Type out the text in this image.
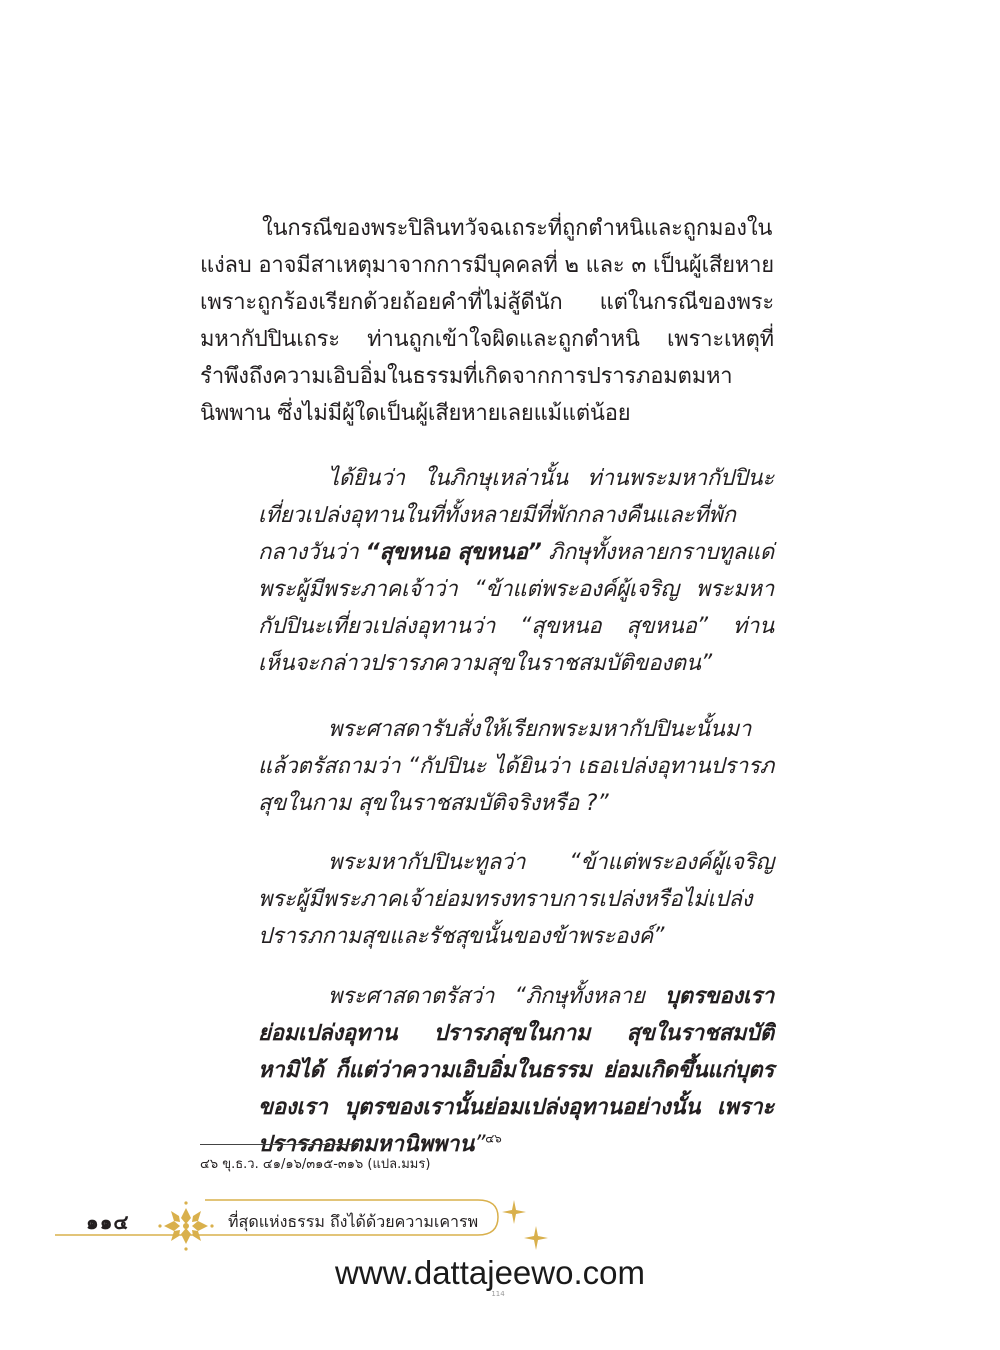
ในกรณีของพระปิลินทวัจฉเถระที่ถูกตำหนิและถูกมองในแง่ลบ อาจมีสาเหตุมาจากการมีบุคคลที่ ๒ และ ๓ เป็นผู้เสียหาย เพราะถูกร้องเรียกด้วยถ้อยคำที่ไม่สู้ดีนัก แต่ในกรณีของพระมหากัปปินเถระ ท่านถูกเข้าใจผิดและถูกตำหนิ เพราะเหตุที่รำพึงถึงความเอิบอิ่มในธรรมที่เกิดจากการปรารภอมตมหานิพพาน ซึ่งไม่มีผู้ใดเป็นผู้เสียหายเลยแม้แต่น้อย

ได้ยินว่า ในภิกษุเหล่านั้น ท่านพระมหากัปปินะเที่ยวเปล่งอุทานในที่ทั้งหลายมีที่พักกลางคืนและที่พักกลางวันว่า “สุขหนอ สุขหนอ” ภิกษุทั้งหลายกราบทูลแด่พระผู้มีพระภาคเจ้าว่า “ข้าแต่พระองค์ผู้เจริญ พระมหากัปปินะเที่ยวเปล่งอุทานว่า “สุขหนอ สุขหนอ” ท่านเห็นจะกล่าวปรารภความสุขในราชสมบัติของตน”

พระศาสดารับสั่งให้เรียกพระมหากัปปินะนั้นมาแล้วตรัสถามว่า “กัปปินะ ได้ยินว่า เธอเปล่งอุทานปรารภสุขในกาม สุขในราชสมบัติจริงหรือ ?”

พระมหากัปปินะทูลว่า “ข้าแต่พระองค์ผู้เจริญ พระผู้มีพระภาคเจ้าย่อมทรงทราบการเปล่งหรือไม่เปล่งปรารภกามสุขและรัชสุขนั้นของข้าพระองค์”

พระศาสดาตรัสว่า “ภิกษุทั้งหลาย บุตรของเราย่อมเปล่งอุทาน ปรารภสุขในกาม สุขในราชสมบัติหามิได้ ก็แต่ว่าความเอิบอิ่มในธรรม ย่อมเกิดขึ้นแก่บุตรของเรา บุตรของเรานั้นย่อมเปล่งอุทานอย่างนั้น เพราะปรารภอมตมหานิพพาน”$^{๔๖}$

๔๖ ขุ.ธ.ว. ๔๑/๑๖/๓๑๕-๓๑๖ (แปล.มมร)
๑๑๔	ที่สุดแห่งธรรม ถึงได้ด้วยความเคารพ
www.dattajeewo.com
114
